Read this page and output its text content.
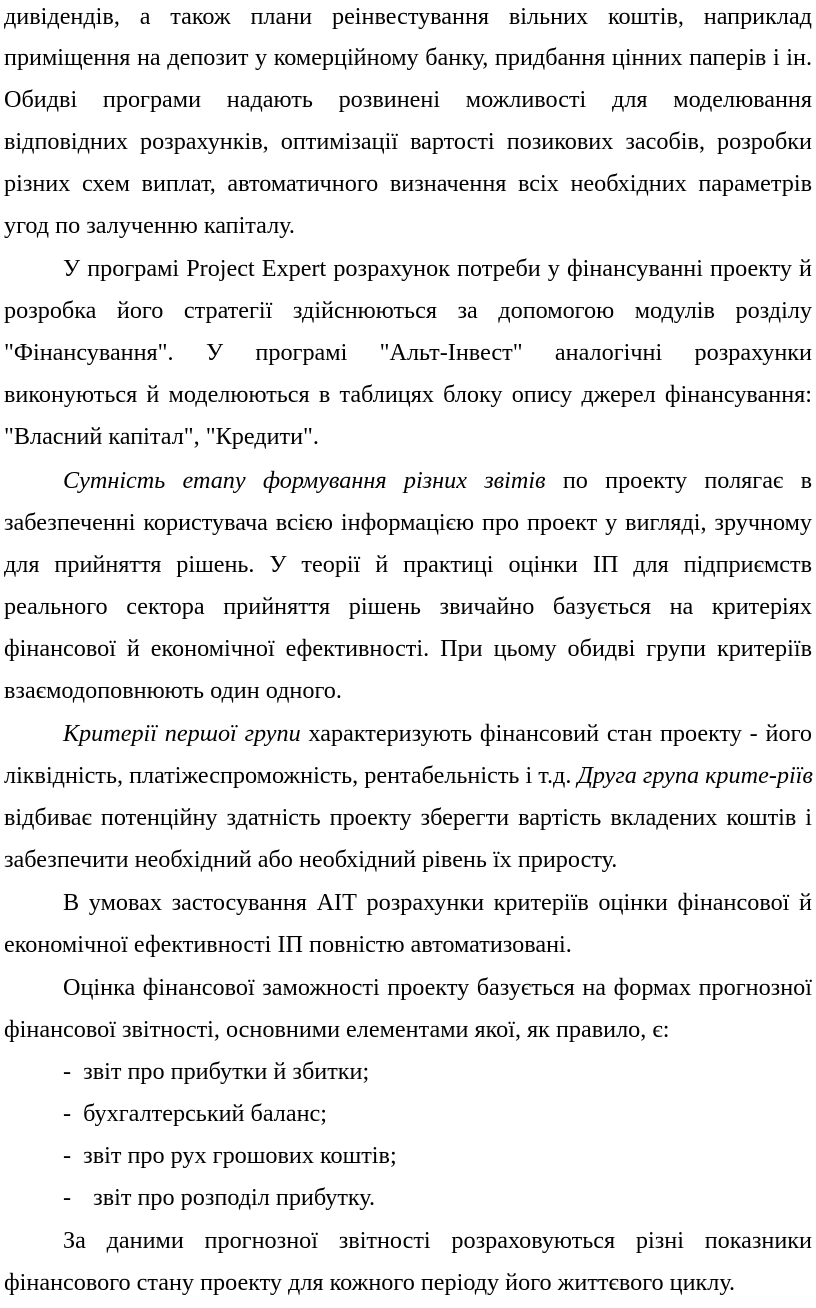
дивідендів, а також плани реінвестування вільних коштів, наприклад
приміщення на депозит у комерційному банку, придбання цінних паперів і ін.
Обидві програми надають розвинені можливості для моделювання
відповідних розрахунків, оптимізації вартості позикових засобів, розробки
різних схем виплат, автоматичного визначення всіх необхідних параметрів
угод по залученню капіталу.
У програмі Project Expert розрахунок потреби у фінансуванні проекту й
розробка його стратегії здійснюються за допомогою модулів розділу
"Фінансування". У програмі "Альт-Інвест" аналогічні розрахунки
виконуються й моделюються в таблицях блоку опису джерел фінансування:
"Власний капітал", "Кредити".
Сутність етапу формування різних звітів по проекту полягає в
забезпеченні користувача всією інформацією про проект у вигляді, зручному
для прийняття рішень. У теорії й практиці оцінки ІП для підприємств
реального сектора прийняття рішень звичайно базується на критеріях
фінансової й економічної ефективності. При цьому обидві групи критеріїв
взаємодоповнюють один одного.
Критерії першої групи характеризують фінансовий стан проекту - його
ліквідність, платіжеспроможність, рентабельність і т.д. Друга група крите-ріїв
відбиває потенційну здатність проекту зберегти вартість вкладених коштів і
забезпечити необхідний або необхідний рівень їх приросту.
В умовах застосування АІТ розрахунки критеріїв оцінки фінансової й
економічної ефективності ІП повністю автоматизовані.
Оцінка фінансової заможності проекту базується на формах прогнозної
фінансової звітності, основними елементами якої, як правило, є:
- звіт про прибутки й збитки;
- бухгалтерський баланс;
- звіт про рух грошових коштів;
- звіт про розподіл прибутку.
За даними прогнозної звітності розраховуються різні показники
фінансового стану проекту для кожного періоду його життєвого циклу.
